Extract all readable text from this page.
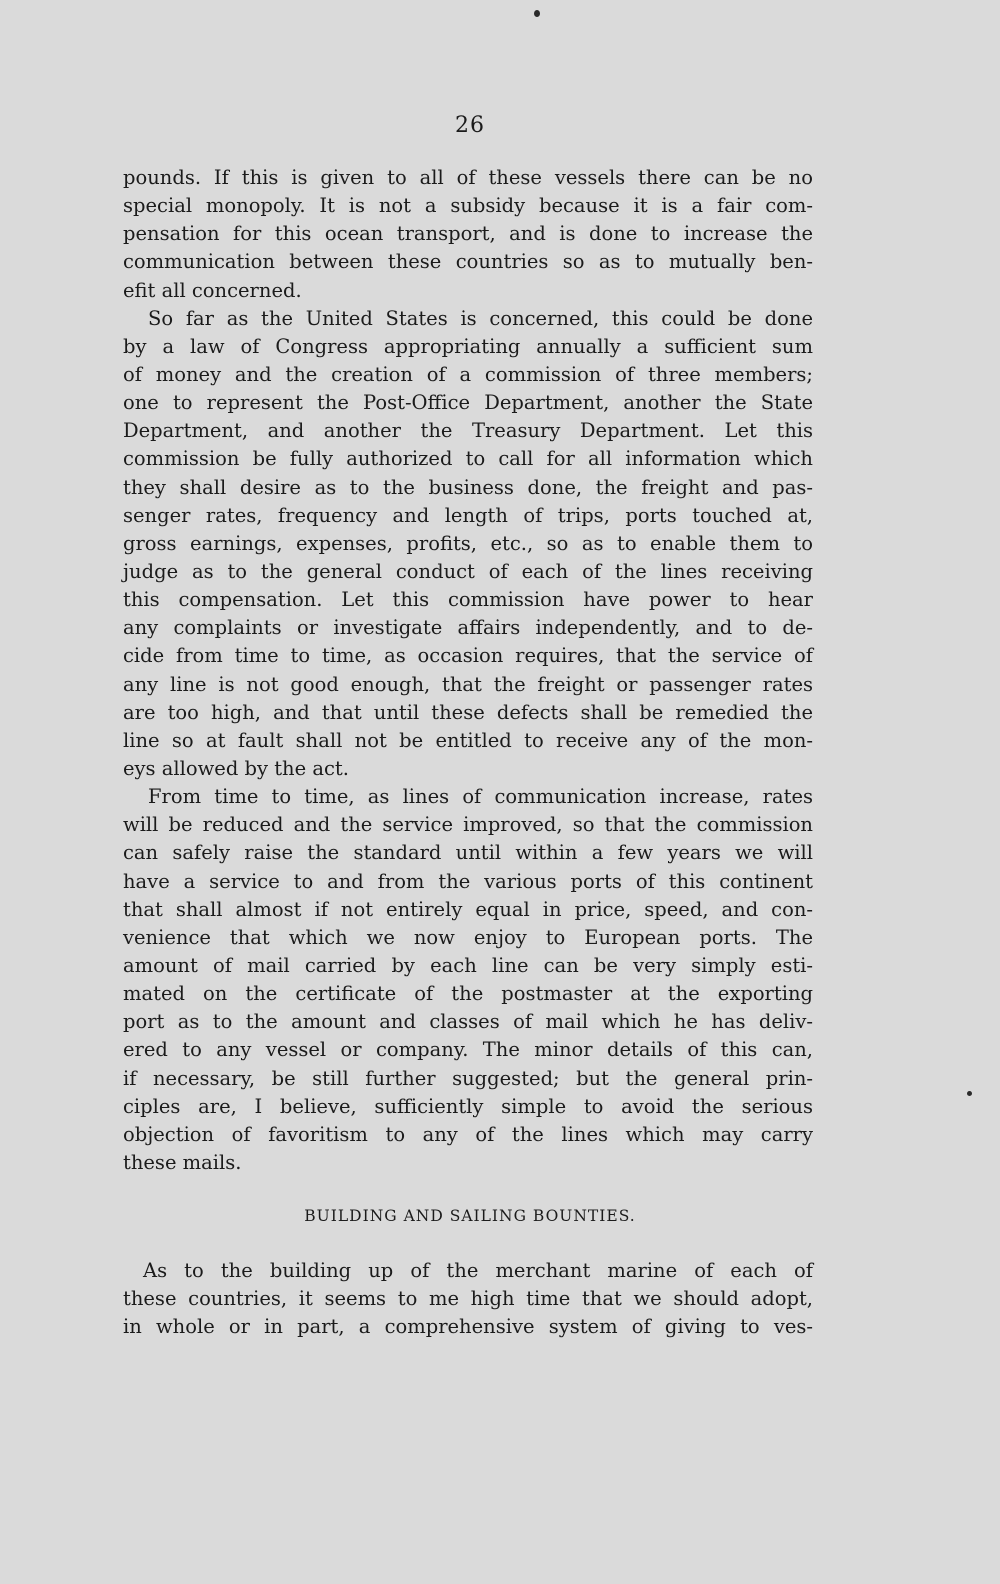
26

pounds. If this is given to all of these vessels there can be no
special monopoly. It is not a subsidy because it is a fair com-
pensation for this ocean transport, and is done to increase the
communication between these countries so as to mutually ben-
efit all concerned.

So far as the United States is concerned, this could be done
by a law of Congress appropriating annually a sufficient sum
of money and the creation of a commission of three members;
one to represent the Post-Office Department, another the State
Department, and another the Treasury Department. Let this
commission be fully authorized to call for all information which
they shall desire as to the business done, the freight and pas-
senger rates, frequency and length of trips, ports touched at,
gross earnings, expenses, profits, etc., so as to enable them to
judge as to the general conduct of each of the lines receiving
this compensation. Let this commission have power to hear
any complaints or investigate affairs independently, and to de-
cide from time to time, as occasion requires, that the service of
any line is not good enough, that the freight or passenger rates
are too high, and that until these defects shall be remedied the
line so at fault shall not be entitled to receive any of the mon-
eys allowed by the act.

From time to time, as lines of communication increase, rates
will be reduced and the service improved, so that the commission
can safely raise the standard until within a few years we will
have a service to and from the various ports of this continent
that shall almost if not entirely equal in price, speed, and con-
venience that which we now enjoy to European ports. The
amount of mail carried by each line can be very simply esti-
mated on the certificate of the postmaster at the exporting
port as to the amount and classes of mail which he has deliv-
ered to any vessel or company. The minor details of this can,
if necessary, be still further suggested; but the general prin-
ciples are, I believe, sufficiently simple to avoid the serious
objection of favoritism to any of the lines which may carry
these mails.

BUILDING AND SAILING BOUNTIES.

As to the building up of the merchant marine of each of
these countries, it seems to me high time that we should adopt,
in whole or in part, a comprehensive system of giving to ves-
